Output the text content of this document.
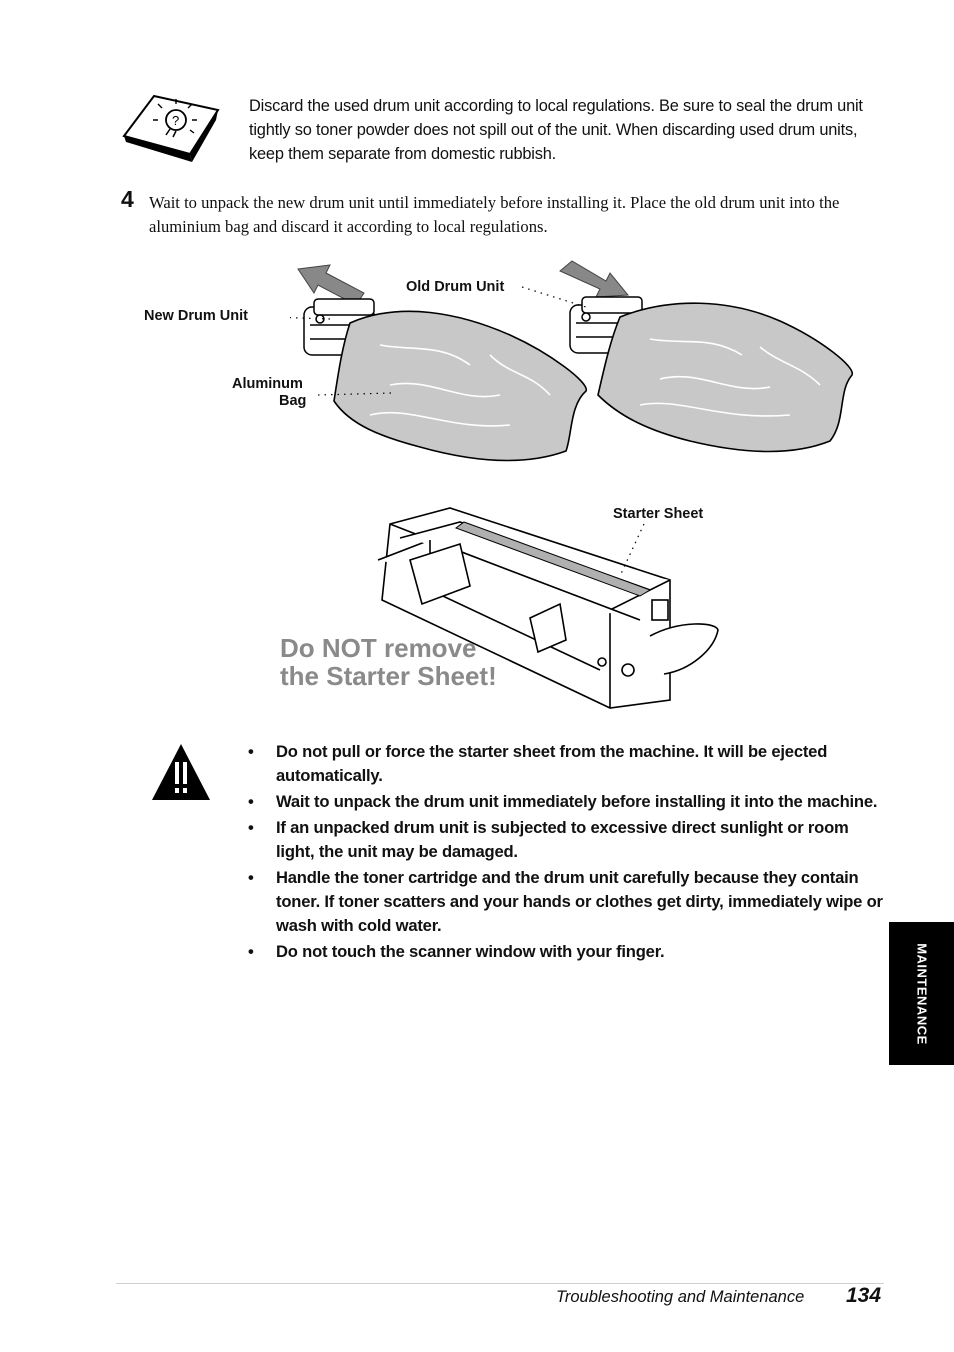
?
Discard the used drum unit according to local regulations. Be sure to seal the drum unit tightly so toner powder does not spill out of the unit. When discarding used drum units, keep them separate from domestic rubbish.
4 Wait to unpack the new drum unit until immediately before installing it. Place the old drum unit into the aluminium bag and discard it according to local regulations.
New Drum Unit
Old Drum Unit
Aluminum
Bag
Starter Sheet
Do NOT remove
the Starter Sheet!
• Do not pull or force the starter sheet from the machine. It will be ejected automatically.
• Wait to unpack the drum unit immediately before installing it into the machine.
• If an unpacked drum unit is subjected to excessive direct sunlight or room light, the unit may be damaged.
• Handle the toner cartridge and the drum unit carefully because they contain toner. If toner scatters and your hands or clothes get dirty, immediately wipe or wash with cold water.
• Do not touch the scanner window with your finger.	MAINTENANCE
Troubleshooting and Maintenance 134
